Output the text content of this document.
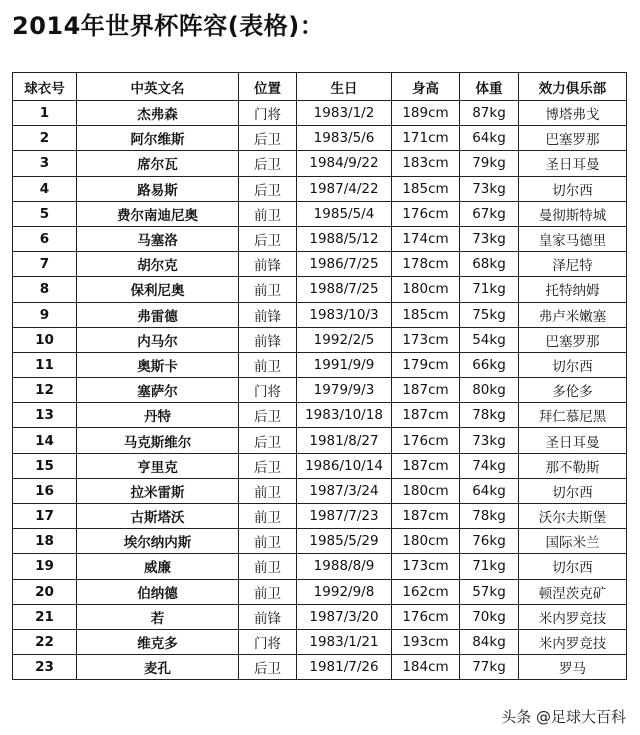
2014年世界杯阵容(表格)：
球衣号	中英文名	位置	生日	身高	体重	效力俱乐部
1	杰弗森	门将	1983/1/2	189cm	87kg	博塔弗戈
2	阿尔维斯	后卫	1983/5/6	171cm	64kg	巴塞罗那
3	席尔瓦	后卫	1984/9/22	183cm	79kg	圣日耳曼
4	路易斯	后卫	1987/4/22	185cm	73kg	切尔西
5	费尔南迪尼奥	前卫	1985/5/4	176cm	67kg	曼彻斯特城
6	马塞洛	后卫	1988/5/12	174cm	73kg	皇家马德里
7	胡尔克	前锋	1986/7/25	178cm	68kg	泽尼特
8	保利尼奥	前卫	1988/7/25	180cm	71kg	托特纳姆
9	弗雷德	前锋	1983/10/3	185cm	75kg	弗卢米嫩塞
10	内马尔	前锋	1992/2/5	173cm	54kg	巴塞罗那
11	奥斯卡	前卫	1991/9/9	179cm	66kg	切尔西
12	塞萨尔	门将	1979/9/3	187cm	80kg	多伦多
13	丹特	后卫	1983/10/18	187cm	78kg	拜仁慕尼黑
14	马克斯维尔	后卫	1981/8/27	176cm	73kg	圣日耳曼
15	亨里克	后卫	1986/10/14	187cm	74kg	那不勒斯
16	拉米雷斯	前卫	1987/3/24	180cm	64kg	切尔西
17	古斯塔沃	前卫	1987/7/23	187cm	78kg	沃尔夫斯堡
18	埃尔纳内斯	前卫	1985/5/29	180cm	76kg	国际米兰
19	威廉	前卫	1988/8/9	173cm	71kg	切尔西
20	伯纳德	前卫	1992/9/8	162cm	57kg	顿涅茨克矿
21	若	前锋	1987/3/20	176cm	70kg	米内罗竞技
22	维克多	门将	1983/1/21	193cm	84kg	米内罗竞技
23	麦孔	后卫	1981/7/26	184cm	77kg	罗马
头条 @足球大百科
